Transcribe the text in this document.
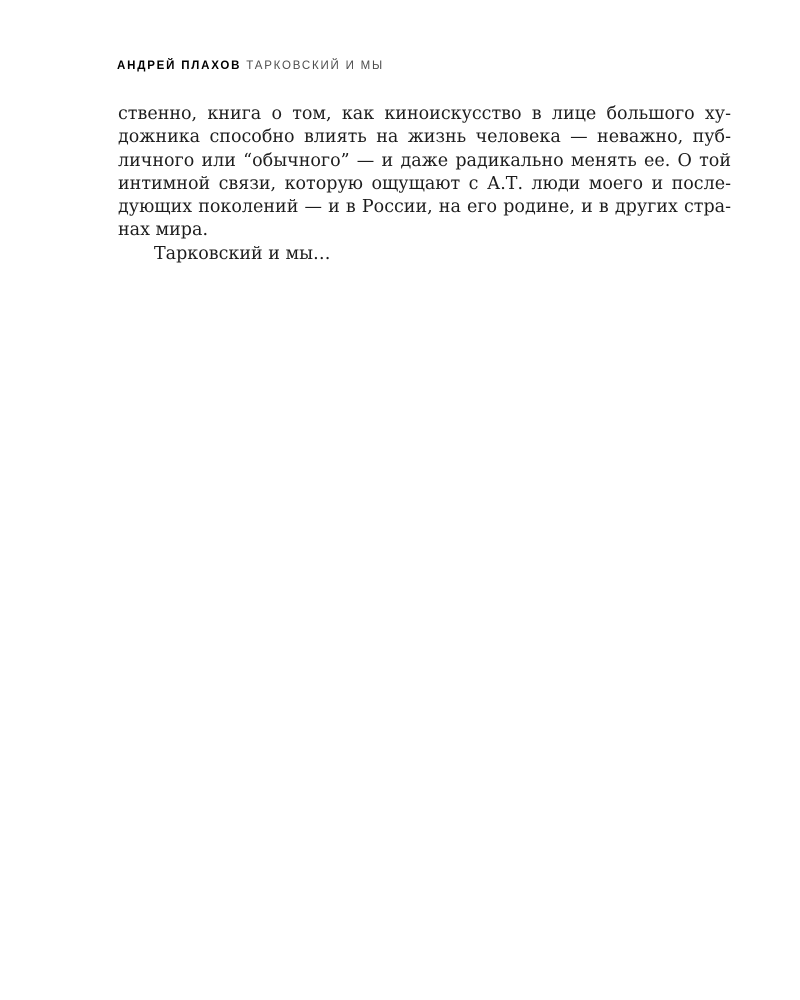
АНДРЕЙ ПЛАХОВ ТАРКОВСКИЙ И МЫ
ственно, книга о том, как киноискусство в лице большого ху-
дожника способно влиять на жизнь человека — неважно, пуб-
личного или “обычного” — и даже радикально менять ее. О той
интимной связи, которую ощущают с А.Т. люди моего и после-
дующих поколений — и в России, на его родине, и в других стра-
нах мира.
Тарковский и мы…
